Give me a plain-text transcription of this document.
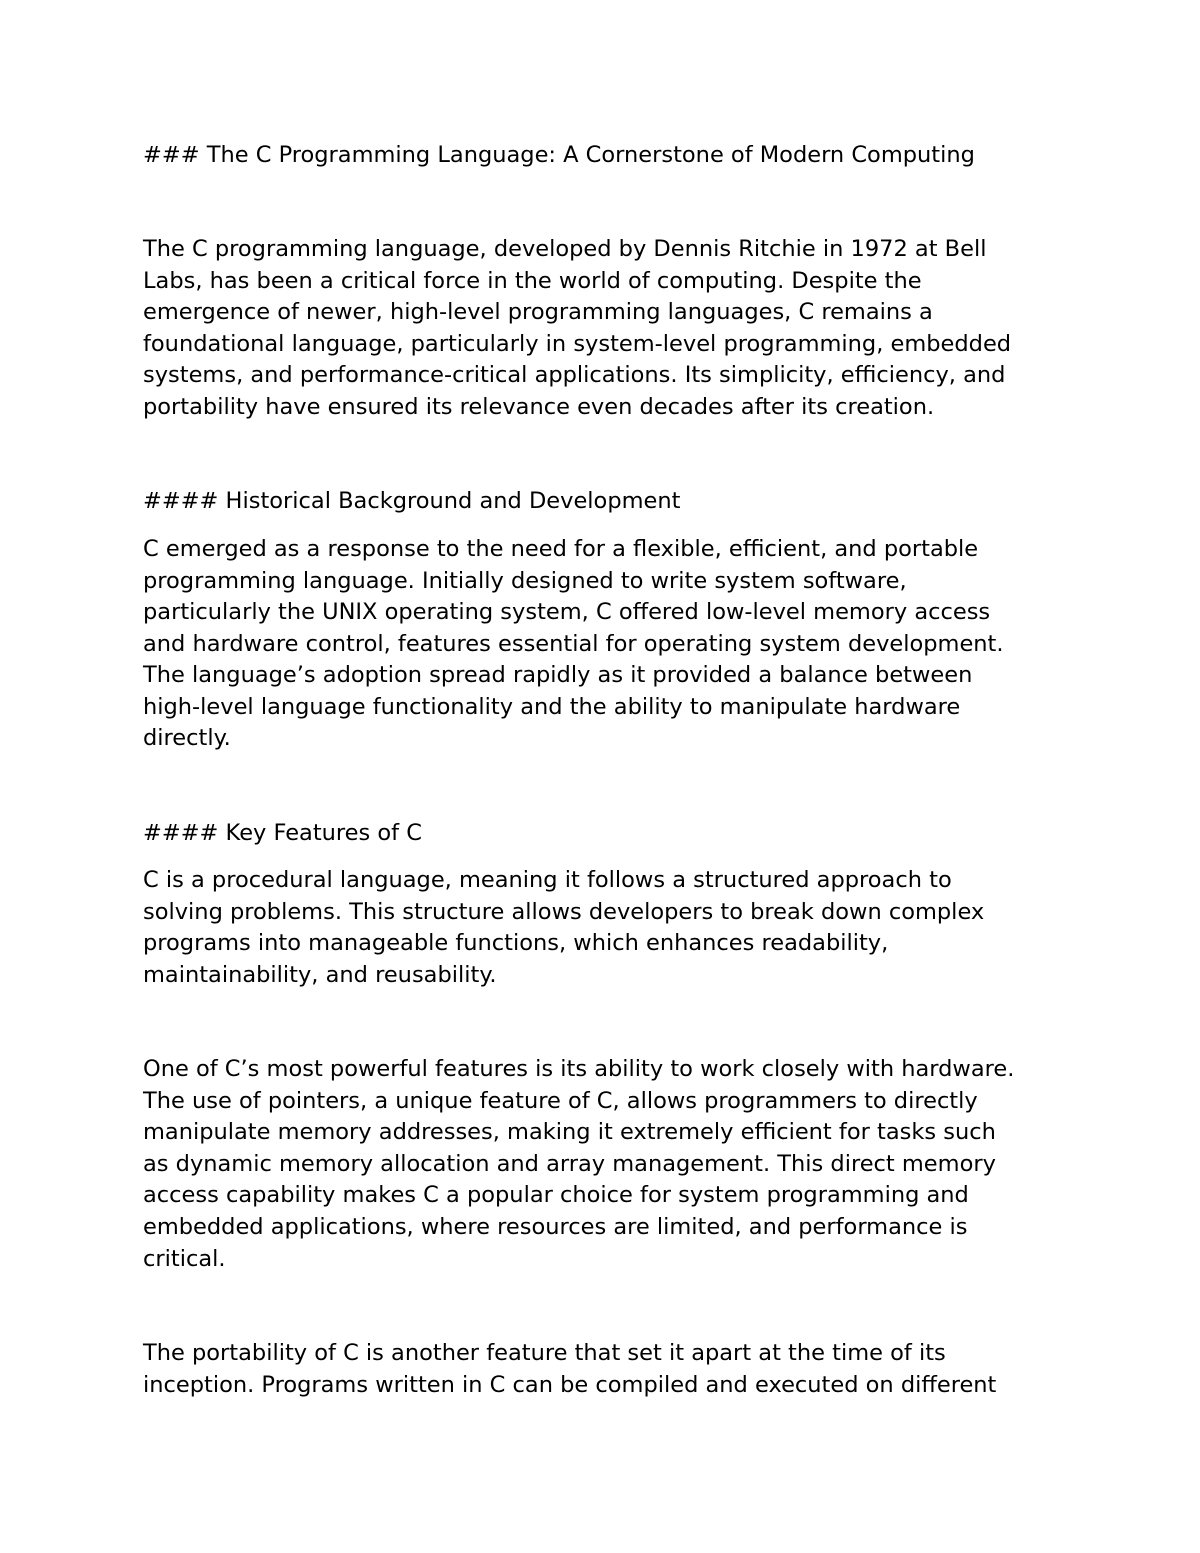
### The C Programming Language: A Cornerstone of Modern Computing

The C programming language, developed by Dennis Ritchie in 1972 at Bell

Labs, has been a critical force in the world of computing. Despite the

emergence of newer, high-level programming languages, C remains a

foundational language, particularly in system-level programming, embedded

systems, and performance-critical applications. Its simplicity, efficiency, and

portability have ensured its relevance even decades after its creation.

#### Historical Background and Development

C emerged as a response to the need for a flexible, efficient, and portable

programming language. Initially designed to write system software,

particularly the UNIX operating system, C offered low-level memory access

and hardware control, features essential for operating system development.

The language’s adoption spread rapidly as it provided a balance between

high-level language functionality and the ability to manipulate hardware

directly.

#### Key Features of C

C is a procedural language, meaning it follows a structured approach to

solving problems. This structure allows developers to break down complex

programs into manageable functions, which enhances readability,

maintainability, and reusability.

One of C’s most powerful features is its ability to work closely with hardware.

The use of pointers, a unique feature of C, allows programmers to directly

manipulate memory addresses, making it extremely efficient for tasks such

as dynamic memory allocation and array management. This direct memory

access capability makes C a popular choice for system programming and

embedded applications, where resources are limited, and performance is

critical.

The portability of C is another feature that set it apart at the time of its

inception. Programs written in C can be compiled and executed on different
